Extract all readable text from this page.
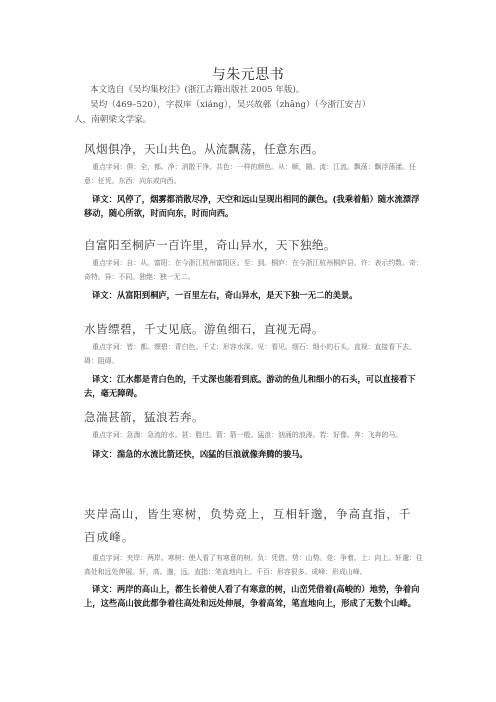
与朱元思书

本文选自《吴均集校注》(浙江古籍出版社 2005 年版)。

吴均（469–520），字叔庠（xiáng），吴兴故鄣（zhāng）（今浙江安吉）

人，南朝梁文学家。

风烟俱净，天山共色。从流飘荡，任意东西。

重点字词：俱：全，都。净：消散干净。共色：一样的颜色。从：顺，随。流：江流。飘荡：飘浮荡漾。任意：任凭。东西：向东或向西。

译文：风停了，烟雾都消散尽净，天空和远山呈现出相同的颜色。(我乘着船）随水流漂浮移动，随心所欲，时而向东，时而向西。

自富阳至桐庐一百许里，奇山异水，天下独绝。

重点字词：自：从。富阳：在今浙江杭州富阳区。至：到。桐庐：在今浙江杭州桐庐县。许：表示约数。奇：奇特。异：不同。独绝：独一无二。

译文：从富阳到桐庐，一百里左右，奇山异水，是天下独一无二的美景。

水皆缥碧，千丈见底。游鱼细石，直视无碍。

重点字词：皆：都。缥碧：青白色。千丈：形容水深。见：看见。细石：细小的石头。直视：直接看下去。碍：阻碍。

译文：江水都是青白色的，千丈深也能看到底。游动的鱼儿和细小的石头，可以直接看下去，毫无障碍。

急湍甚箭，猛浪若奔。

重点字词：急湍：急流的水。甚：胜过。箭：箭一般。猛浪：汹涌的浪涛。若：好像。奔：飞奔的马。

译文：湍急的水流比箭还快，凶猛的巨浪就像奔腾的骏马。

夹岸高山，皆生寒树，负势竞上，互相轩邈，争高直指，千百成峰。

重点字词：夹岸：两岸。寒树：使人看了有寒意的树。负：凭借。势：山势。竞：争着。上：向上。轩邈：往高处和远处伸展。轩，高。邈，远。直指：笔直地向上。千百：形容很多。成峰：形成山峰。

译文：两岸的高山上，都生长着使人看了有寒意的树，山峦凭借着(高峻的）地势，争着向上，这些高山彼此都争着往高处和远处伸展，争着高耸，笔直地向上，形成了无数个山峰。
